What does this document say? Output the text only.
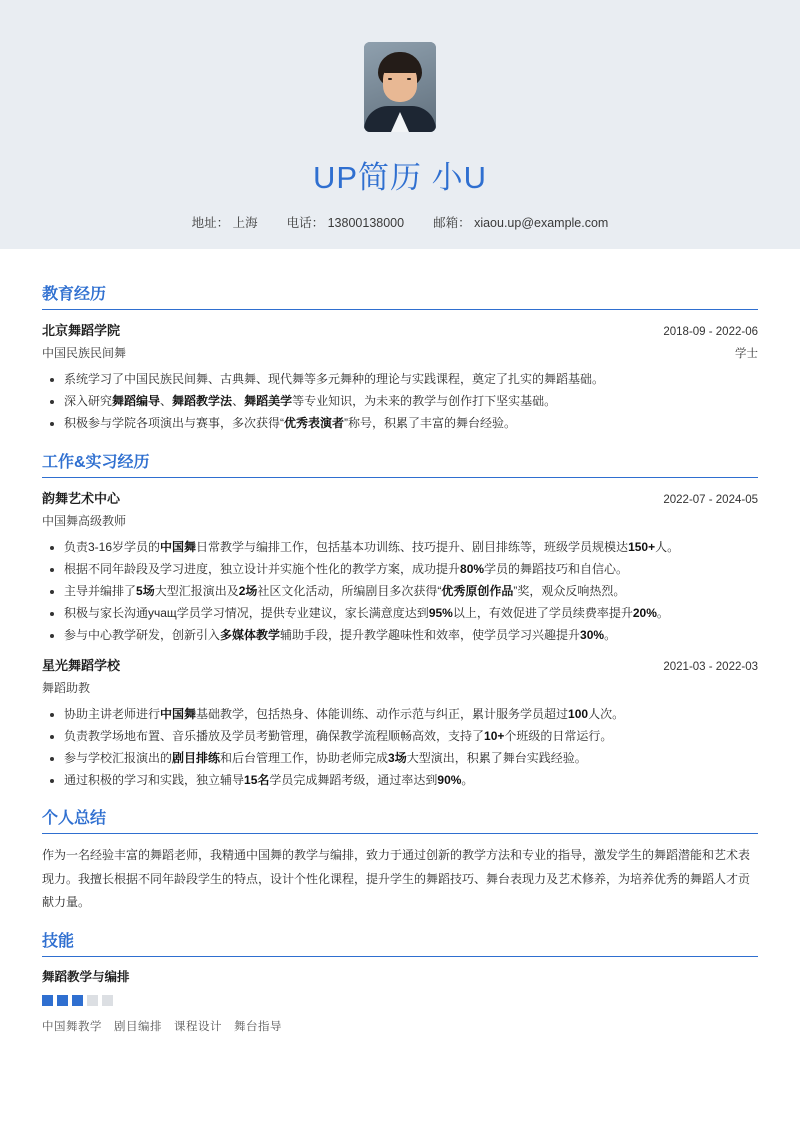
UP简历 小U
地址： 上海 电话： 13800138000 邮箱： xiaou.up@example.com
教育经历
北京舞蹈学院	2018-09 - 2022-06
中国民族民间舞	学士
• 系统学习了中国民族民间舞、古典舞、现代舞等多元舞种的理论与实践课程，奠定了扎实的舞蹈基础。
• 深入研究舞蹈编导、舞蹈教学法、舞蹈美学等专业知识，为未来的教学与创作打下坚实基础。
• 积极参与学院各项演出与赛事，多次获得“优秀表演者”称号，积累了丰富的舞台经验。
工作&实习经历
韵舞艺术中心	2022-07 - 2024-05
中国舞高级教师
• 负责3-16岁学员的中国舞日常教学与编排工作，包括基本功训练、技巧提升、剧目排练等，班级学员规模达150+人。
• 根据不同年龄段及学习进度，独立设计并实施个性化的教学方案，成功提升80%学员的舞蹈技巧和自信心。
• 主导并编排了5场大型汇报演出及2场社区文化活动，所编剧目多次获得“优秀原创作品”奖，观众反响热烈。
• 积极与家长沟通учащ学员学习情况，提供专业建议，家长满意度达到95%以上，有效促进了学员续费率提升20%。
• 参与中心教学研发，创新引入多媒体教学辅助手段，提升教学趣味性和效率，使学员学习兴趣提升30%。
星光舞蹈学校	2021-03 - 2022-03
舞蹈助教
• 协助主讲老师进行中国舞基础教学，包括热身、体能训练、动作示范与纠正，累计服务学员超过100人次。
• 负责教学场地布置、音乐播放及学员考勤管理，确保教学流程顺畅高效，支持了10+个班级的日常运行。
• 参与学校汇报演出的剧目排练和后台管理工作，协助老师完成3场大型演出，积累了舞台实践经验。
• 通过积极的学习和实践，独立辅导15名学员完成舞蹈考级，通过率达到90%。
个人总结
作为一名经验丰富的舞蹈老师，我精通中国舞的教学与编排，致力于通过创新的教学方法和专业的指导，激发学生的舞蹈潜能和艺术表现力。我擅长根据不同年龄段学生的特点，设计个性化课程，提升学生的舞蹈技巧、舞台表现力及艺术修养，为培养优秀的舞蹈人才贡献力量。
技能
舞蹈教学与编排
中国舞教学 剧目编排 课程设计 舞台指导
